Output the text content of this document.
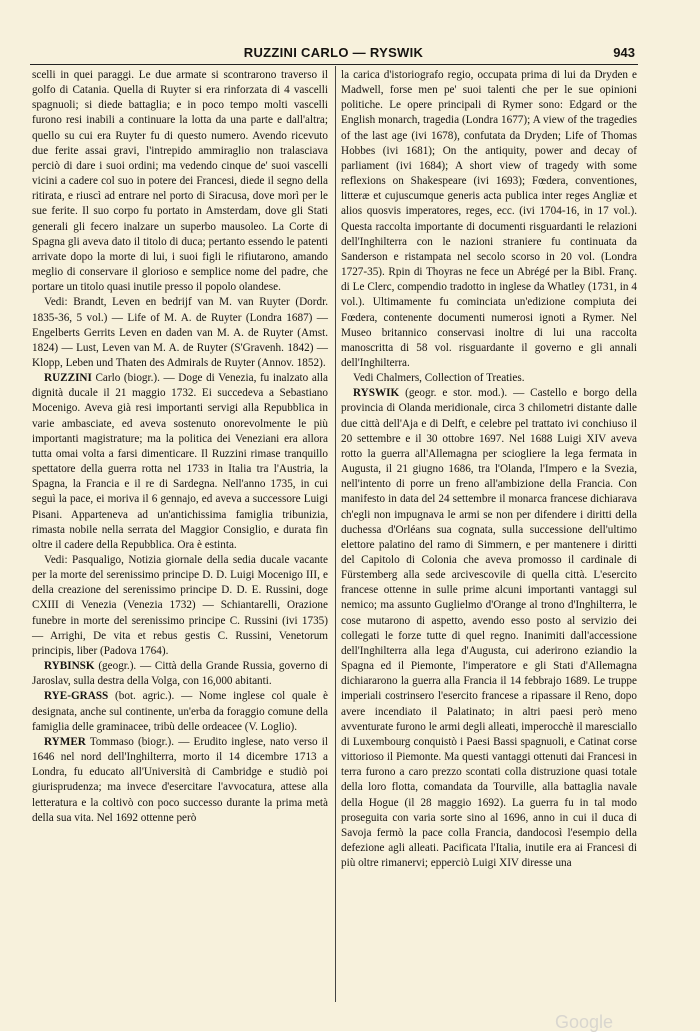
RUZZINI CARLO — RYSWIK	943

scelli in quei paraggi. Le due armate si scontrarono traverso il golfo di Catania. Quella di Ruyter si era rinforzata di 4 vascelli spagnuoli; si diede battaglia; e in poco tempo molti vascelli furono resi inabili a continuare la lotta da una parte e dall'altra; quello su cui era Ruyter fu di questo numero. Avendo ricevuto due ferite assai gravi, l'intrepido ammiraglio non tralasciava perciò di dare i suoi ordini; ma vedendo cinque de' suoi vascelli vicini a cadere col suo in potere dei Francesi, diede il segno della ritirata, e riuscì ad entrare nel porto di Siracusa, dove morì per le sue ferite. Il suo corpo fu portato in Amsterdam, dove gli Stati generali gli fecero inalzare un superbo mausoleo. La Corte di Spagna gli aveva dato il titolo di duca; pertanto essendo le patenti arrivate dopo la morte di lui, i suoi figli le rifiutarono, amando meglio di conservare il glorioso e semplice nome del padre, che portare un titolo quasi inutile presso il popolo olandese.

Vedi: Brandt, Leven en bedrijf van M. van Ruyter (Dordr. 1835-36, 5 vol.) — Life of M. A. de Ruyter (Londra 1687) — Engelberts Gerrits Leven en daden van M. A. de Ruyter (Amst. 1824) — Lust, Leven van M. A. de Ruyter (S'Gravenh. 1842) — Klopp, Leben und Thaten des Admirals de Ruyter (Annov. 1852).

RUZZINI Carlo (biogr.). — Doge di Venezia, fu inalzato alla dignità ducale il 21 maggio 1732. Ei succedeva a Sebastiano Mocenigo. Aveva già resi importanti servigi alla Repubblica in varie ambasciate, ed aveva sostenuto onorevolmente le più importanti magistrature; ma la politica dei Veneziani era allora tutta omai volta a farsi dimenticare. Il Ruzzini rimase tranquillo spettatore della guerra rotta nel 1733 in Italia tra l'Austria, la Spagna, la Francia e il re di Sardegna. Nell'anno 1735, in cui seguì la pace, ei moriva il 6 gennajo, ed aveva a successore Luigi Pisani. Apparteneva ad un'antichissima famiglia tribunizia, rimasta nobile nella serrata del Maggior Consiglio, e durata fin oltre il cadere della Repubblica. Ora è estinta.

Vedi: Pasqualigo, Notizia giornale della sedia ducale vacante per la morte del serenissimo principe D. D. Luigi Mocenigo III, e della creazione del serenissimo principe D. D. E. Russini, doge CXIII di Venezia (Venezia 1732) — Schiantarelli, Orazione funebre in morte del serenissimo principe C. Russini (ivi 1735) — Arrighi, De vita et rebus gestis C. Russini, Venetorum principis, liber (Padova 1764).

RYBINSK (geogr.). — Città della Grande Russia, governo di Jaroslav, sulla destra della Volga, con 16,000 abitanti.

RYE-GRASS (bot. agric.). — Nome inglese col quale è designata, anche sul continente, un'erba da foraggio comune della famiglia delle graminacee, tribù delle ordeacee (V. Loglio).

RYMER Tommaso (biogr.). — Erudito inglese, nato verso il 1646 nel nord dell'Inghilterra, morto il 14 dicembre 1713 a Londra, fu educato all'Università di Cambridge e studiò poi giurisprudenza; ma invece d'esercitare l'avvocatura, attese alla letteratura e la coltivò con poco successo durante la prima metà della sua vita. Nel 1692 ottenne però

la carica d'istoriografo regio, occupata prima di lui da Dryden e Madwell, forse men pe' suoi talenti che per le sue opinioni politiche. Le opere principali di Rymer sono: Edgard or the English monarch, tragedia (Londra 1677); A view of the tragedies of the last age (ivi 1678), confutata da Dryden; Life of Thomas Hobbes (ivi 1681); On the antiquity, power and decay of parliament (ivi 1684); A short view of tragedy with some reflexions on Shakespeare (ivi 1693); Fœdera, conventiones, litteræ et cujuscumque generis acta publica inter reges Angliæ et alios quosvis imperatores, reges, ecc. (ivi 1704-16, in 17 vol.). Questa raccolta importante di documenti risguardanti le relazioni dell'Inghilterra con le nazioni straniere fu continuata da Sanderson e ristampata nel secolo scorso in 20 vol. (Londra 1727-35). Rpin di Thoyras ne fece un Abrégé per la Bibl. Franç. di Le Clerc, compendio tradotto in inglese da Whatley (1731, in 4 vol.). Ultimamente fu cominciata un'edizione compiuta dei Fœdera, contenente documenti numerosi ignoti a Rymer. Nel Museo britannico conservasi inoltre di lui una raccolta manoscritta di 58 vol. risguardante il governo e gli annali dell'Inghilterra.

Vedi Chalmers, Collection of Treaties.

RYSWIK (geogr. e stor. mod.). — Castello e borgo della provincia di Olanda meridionale, circa 3 chilometri distante dalle due città dell'Aja e di Delft, e celebre pel trattato ivi conchiuso il 20 settembre e il 30 ottobre 1697. Nel 1688 Luigi XIV aveva rotto la guerra all'Allemagna per sciogliere la lega fermata in Augusta, il 21 giugno 1686, tra l'Olanda, l'Impero e la Svezia, nell'intento di porre un freno all'ambizione della Francia. Con manifesto in data del 24 settembre il monarca francese dichiarava ch'egli non impugnava le armi se non per difendere i diritti della duchessa d'Orléans sua cognata, sulla successione dell'ultimo elettore palatino del ramo di Simmern, e per mantenere i diritti del Capitolo di Colonia che aveva promosso il cardinale di Fürstemberg alla sede arcivescovile di quella città. L'esercito francese ottenne in sulle prime alcuni importanti vantaggi sul nemico; ma assunto Guglielmo d'Orange al trono d'Inghilterra, le cose mutarono di aspetto, avendo esso posto al servizio dei collegati le forze tutte di quel regno. Inanimiti dall'accessione dell'Inghilterra alla lega d'Augusta, cui aderirono eziandio la Spagna ed il Piemonte, l'imperatore e gli Stati d'Allemagna dichiararono la guerra alla Francia il 14 febbrajo 1689. Le truppe imperiali costrinsero l'esercito francese a ripassare il Reno, dopo avere incendiato il Palatinato; in altri paesi però meno avventurate furono le armi degli alleati, imperocchè il maresciallo di Luxembourg conquistò i Paesi Bassi spagnuoli, e Catinat corse vittorioso il Piemonte. Ma questi vantaggi ottenuti dai Francesi in terra furono a caro prezzo scontati colla distruzione quasi totale della loro flotta, comandata da Tourville, alla battaglia navale della Hogue (il 28 maggio 1692). La guerra fu in tal modo proseguita con varia sorte sino al 1696, anno in cui il duca di Savoja fermò la pace colla Francia, dandocosì l'esempio della defezione agli alleati. Pacificata l'Italia, inutile era ai Francesi di più oltre rimanervi; epperciò Luigi XIV diresse una

Google
